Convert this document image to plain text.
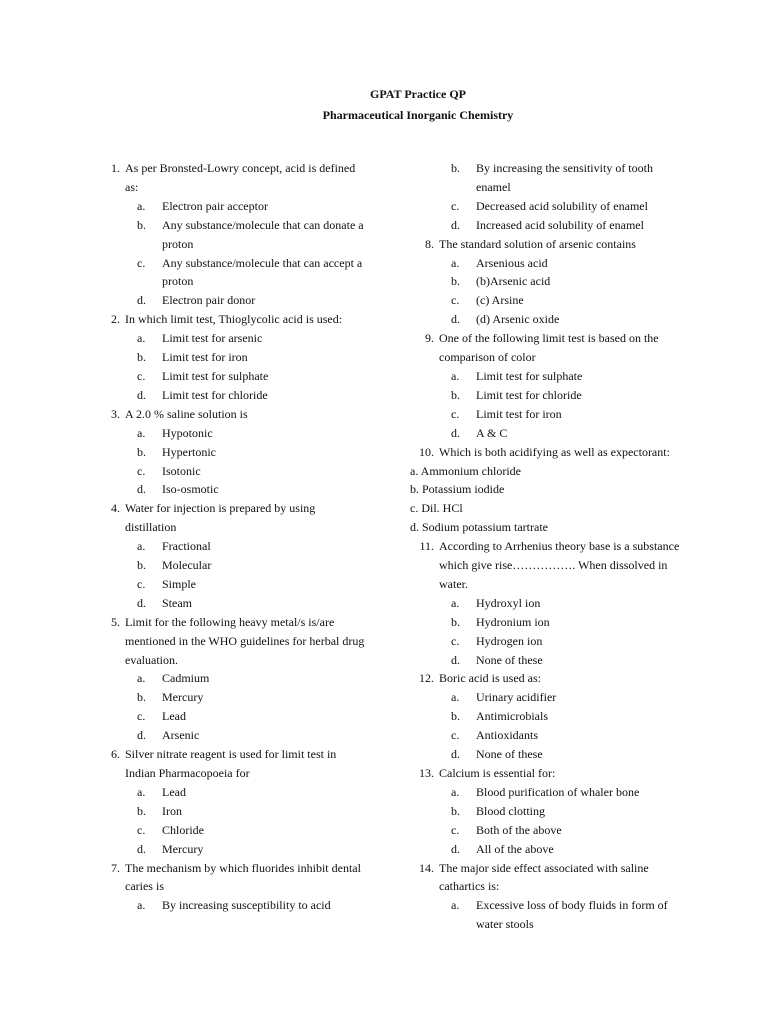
GPAT Practice QP
Pharmaceutical Inorganic Chemistry
1. As per Bronsted-Lowry concept, acid is defined as:
a. Electron pair acceptor
b. Any substance/molecule that can donate a proton
c. Any substance/molecule that can accept a proton
d. Electron pair donor
2. In which limit test, Thioglycolic acid is used:
a. Limit test for arsenic
b. Limit test for iron
c. Limit test for sulphate
d. Limit test for chloride
3. A 2.0 % saline solution is
a. Hypotonic
b. Hypertonic
c. Isotonic
d. Iso-osmotic
4. Water for injection is prepared by using distillation
a. Fractional
b. Molecular
c. Simple
d. Steam
5. Limit for the following heavy metal/s is/are mentioned in the WHO guidelines for herbal drug evaluation.
a. Cadmium
b. Mercury
c. Lead
d. Arsenic
6. Silver nitrate reagent is used for limit test in Indian Pharmacopoeia for
a. Lead
b. Iron
c. Chloride
d. Mercury
7. The mechanism by which fluorides inhibit dental caries is
a. By increasing susceptibility to acid
b. By increasing the sensitivity of tooth enamel
c. Decreased acid solubility of enamel
d. Increased acid solubility of enamel
8. The standard solution of arsenic contains
a. Arsenious acid
b. (b)Arsenic acid
c. (c) Arsine
d. (d) Arsenic oxide
9. One of the following limit test is based on the comparison of color
a. Limit test for sulphate
b. Limit test for chloride
c. Limit test for iron
d. A & C
10. Which is both acidifying as well as expectorant:
a. Ammonium chloride
b. Potassium iodide
c. Dil. HCl
d. Sodium potassium tartrate
11. According to Arrhenius theory base is a substance which give rise……………. When dissolved in water.
a. Hydroxyl ion
b. Hydronium ion
c. Hydrogen ion
d. None of these
12. Boric acid is used as:
a. Urinary acidifier
b. Antimicrobials
c. Antioxidants
d. None of these
13. Calcium is essential for:
a. Blood purification of whaler bone
b. Blood clotting
c. Both of the above
d. All of the above
14. The major side effect associated with saline cathartics is:
a. Excessive loss of body fluids in form of water stools
